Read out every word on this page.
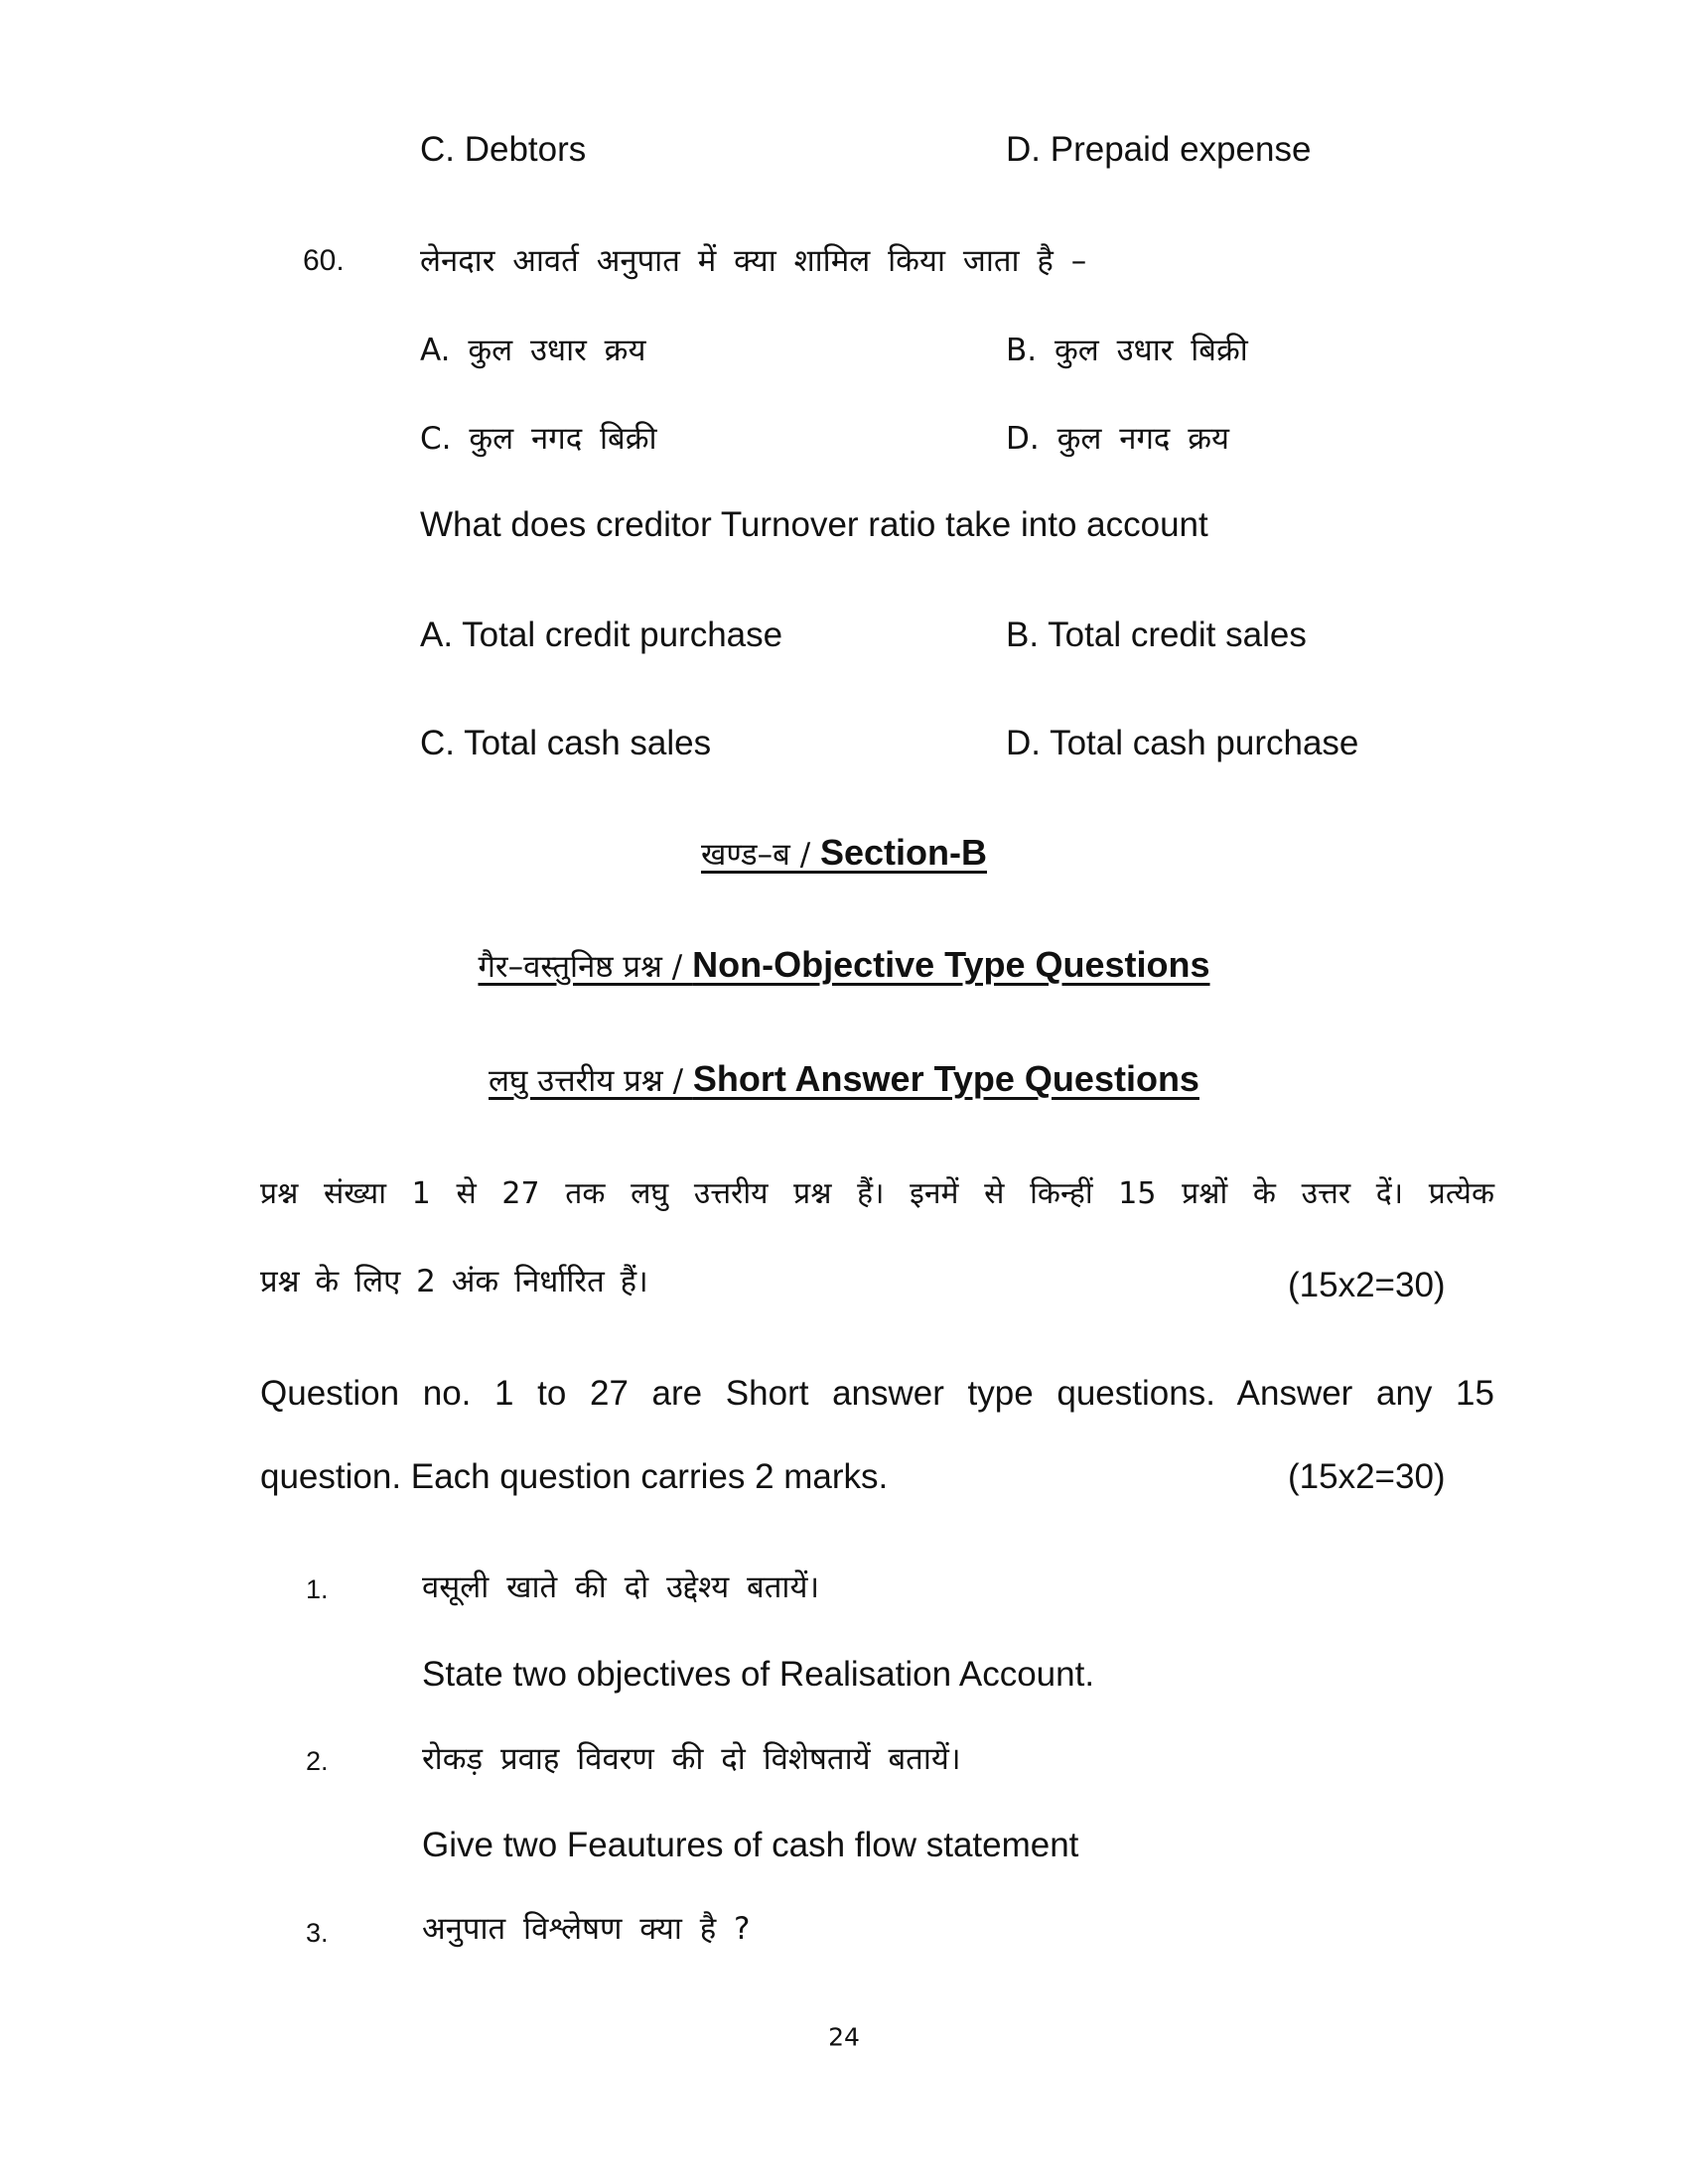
C. Debtors	D. Prepaid expense
60. लेनदार आवर्त अनुपात में क्या शामिल किया जाता है –
A. कुल उधार क्रय	B. कुल उधार बिक्री
C. कुल नगद बिक्री	D. कुल नगद क्रय
What does creditor Turnover ratio take into account
A. Total credit purchase	B. Total credit sales
C. Total cash sales	D. Total cash purchase
खण्ड–ब / Section-B
गैर–वस्तुनिष्ठ प्रश्न / Non-Objective Type Questions
लघु उत्तरीय प्रश्न / Short Answer Type Questions
प्रश्न संख्या 1 से 27 तक लघु उत्तरीय प्रश्न हैं। इनमें से किन्हीं 15 प्रश्नों के उत्तर दें। प्रत्येक
प्रश्न के लिए 2 अंक निर्धारित हैं।	(15x2=30)
Question no. 1 to 27 are Short answer type questions. Answer any 15
question. Each question carries 2 marks.	(15x2=30)
1.	वसूली खाते की दो उद्देश्य बतायें।
State two objectives of Realisation Account.
2.	रोकड़ प्रवाह विवरण की दो विशेषतायें बतायें।
Give two Feautures of cash flow statement
3.	अनुपात विश्लेषण क्या है ?
24
